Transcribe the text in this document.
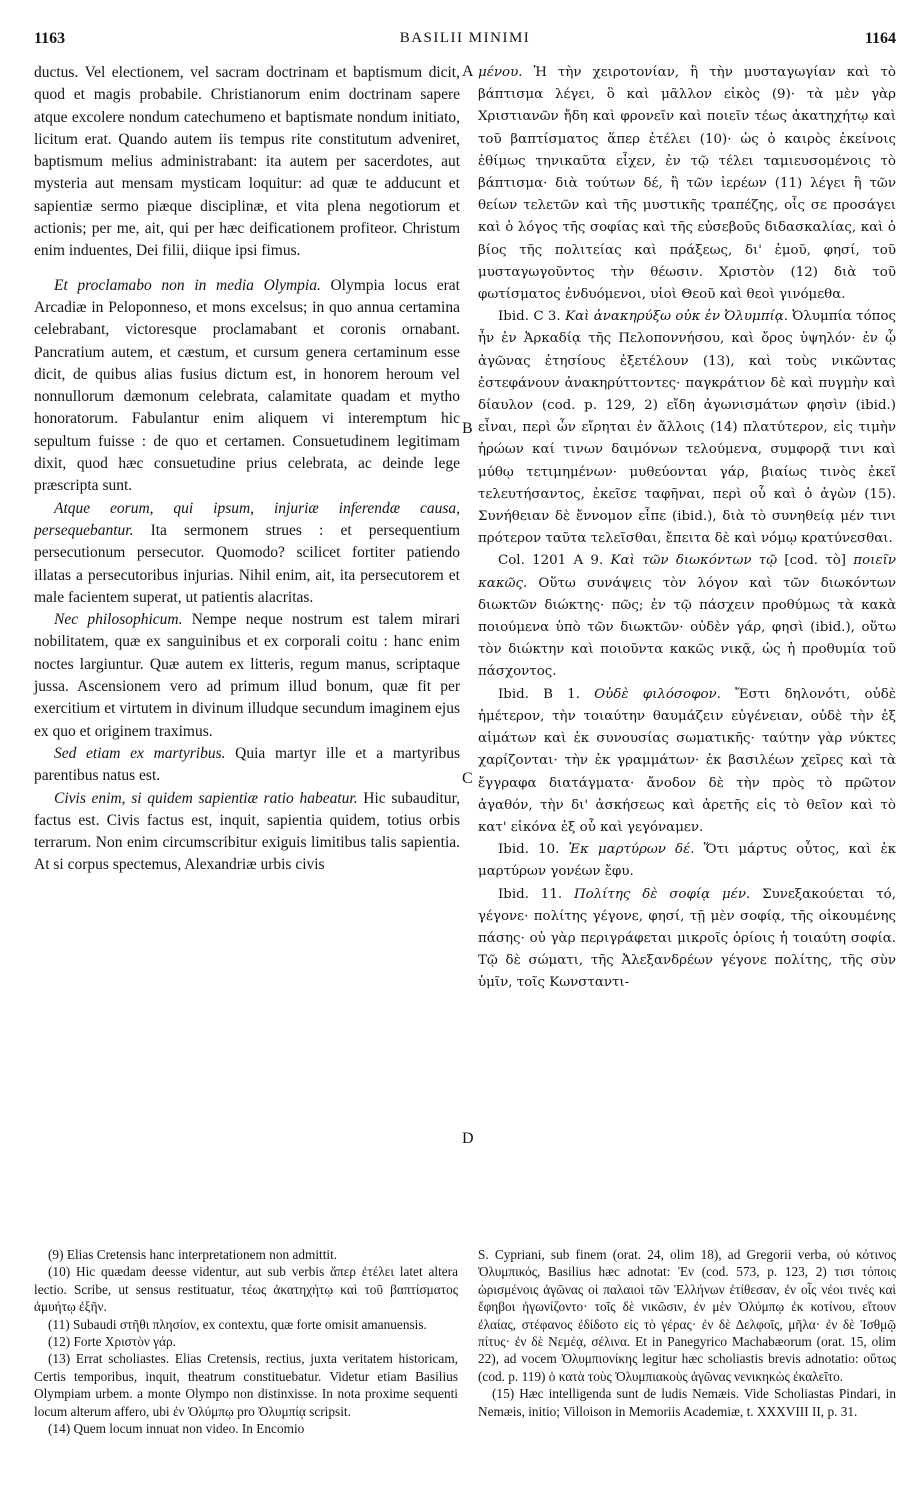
1163	BASILII MINIMI	1164
A
B
C
D

ductus. Vel electionem, vel sacram doctrinam et baptismum dicit, quod et magis probabile. Christianorum enim doctrinam sapere atque excolere nondum catechumeno et baptismate nondum initiato, licitum erat. Quando autem iis tempus rite constitutum adveniret, baptismum melius administrabant: ita autem per sacerdotes, aut mysteria aut mensam mysticam loquitur: ad quæ te adducunt et sapientiæ sermo piæque disciplinæ, et vita plena negotiorum et actionis; per me, ait, qui per hæc deificationem profiteor. Christum enim induentes, Dei filii, diique ipsi fimus.

Et proclamabo non in media Olympia. Olympia locus erat Arcadiæ in Peloponneso, et mons excelsus; in quo annua certamina celebrabant, victoresque proclamabant et coronis ornabant. Pancratium autem, et cæstum, et cursum genera certaminum esse dicit, de quibus alias fusius dictum est, in honorem heroum vel nonnullorum dæmonum celebrata, calamitate quadam et mytho honoratorum. Fabulantur enim aliquem vi interemptum hic sepultum fuisse : de quo et certamen. Consuetudinem legitimam dixit, quod hæc consuetudine prius celebrata, ac deinde lege præscripta sunt.

Atque eorum, qui ipsum, injuriæ inferendæ causa, persequebantur. Ita sermonem strues : et persequentium persecutionum persecutor. Quomodo? scilicet fortiter patiendo illatas a persecutoribus injurias. Nihil enim, ait, ita persecutorem et male facientem superat, ut patientis alacritas.

Nec philosophicum. Nempe neque nostrum est talem mirari nobilitatem, quæ ex sanguinibus et ex corporali coitu : hanc enim noctes largiuntur. Quæ autem ex litteris, regum manus, scriptaque jussa. Ascensionem vero ad primum illud bonum, quæ fit per exercitium et virtutem in divinum illudque secundum imaginem ejus ex quo et originem traximus.

Sed etiam ex martyribus. Quia martyr ille et a martyribus parentibus natus est.

Civis enim, si quidem sapientiæ ratio habeatur. Hic subauditur, factus est. Civis factus est, inquit, sapientia quidem, totius orbis terrarum. Non enim circumscribitur exiguis limitibus talis sapientia. At si corpus spectemus, Alexandriæ urbis civis

μένου. Ἡ τὴν χειροτονίαν, ἢ τὴν μυσταγωγίαν καὶ τὸ βάπτισμα λέγει, ὃ καὶ μᾶλλον εἰκὸς (9)· τὰ μὲν γὰρ Χριστιανῶν ἤδη καὶ φρονεῖν καὶ ποιεῖν τέως ἀκατηχήτῳ καὶ τοῦ βαπτίσματος ἅπερ ἐτέλει (10)· ὡς ὁ καιρὸς ἐκείνοις ἐθίμως τηνικαῦτα εἶχεν, ἐν τῷ τέλει ταμιευσομένοις τὸ βάπτισμα· διὰ τούτων δέ, ἢ τῶν ἱερέων (11) λέγει ἢ τῶν θείων τελετῶν καὶ τῆς μυστικῆς τραπέζης, οἷς σε προσάγει καὶ ὁ λόγος τῆς σοφίας καὶ τῆς εὐσεβοῦς διδασκαλίας, καὶ ὁ βίος τῆς πολιτείας καὶ πράξεως, δι' ἐμοῦ, φησί, τοῦ μυσταγωγοῦντος τὴν θέωσιν. Χριστὸν (12) διὰ τοῦ φωτίσματος ἐνδυόμενοι, υἱοὶ Θεοῦ καὶ θεοὶ γινόμεθα.

Ibid. C 3. Καὶ ἀνακηρύξω οὐκ ἐν Ὀλυμπίᾳ. Ὀλυμπία τόπος ἦν ἐν Ἀρκαδίᾳ τῆς Πελοποννήσου, καὶ ὄρος ὑψηλόν· ἐν ᾧ ἀγῶνας ἐτησίους ἐξετέλουν (13), καὶ τοὺς νικῶντας ἐστεφάνουν ἀνακηρύττοντες· παγκράτιον δὲ καὶ πυγμὴν καὶ δίαυλον (cod. p. 129, 2) εἴδη ἀγωνισμάτων φησὶν (ibid.) εἶναι, περὶ ὧν εἴρηται ἐν ἄλλοις (14) πλατύτερον, εἰς τιμὴν ἡρώων καί τινων δαιμόνων τελούμενα, συμφορᾷ τινι καὶ μύθῳ τετιμημένων· μυθεύονται γάρ, βιαίως τινὸς ἐκεῖ τελευτήσαντος, ἐκεῖσε ταφῆναι, περὶ οὗ καὶ ὁ ἀγὼν (15). Συνήθειαν δὲ ἔννομον εἶπε (ibid.), διὰ τὸ συνηθείᾳ μέν τινι πρότερον ταῦτα τελεῖσθαι, ἔπειτα δὲ καὶ νόμῳ κρατύνεσθαι.

Col. 1201 A 9. Καὶ τῶν διωκόντων τῷ [cod. τὸ] ποιεῖν κακῶς. Οὕτω συνάψεις τὸν λόγον καὶ τῶν διωκόντων διωκτῶν διώκτης· πῶς; ἐν τῷ πάσχειν προθύμως τὰ κακὰ ποιούμενα ὑπὸ τῶν διωκτῶν· οὐδὲν γάρ, φησὶ (ibid.), οὕτω τὸν διώκτην καὶ ποιοῦντα κακῶς νικᾷ, ὡς ἡ προθυμία τοῦ πάσχοντος.

Ibid. B 1. Οὐδὲ φιλόσοφον. Ἔστι δηλονότι, οὐδὲ ἡμέτερον, τὴν τοιαύτην θαυμάζειν εὐγένειαν, οὐδὲ τὴν ἐξ αἱμάτων καὶ ἐκ συνουσίας σωματικῆς· ταύτην γὰρ νύκτες χαρίζονται· τὴν ἐκ γραμμάτων· ἐκ βασιλέων χεῖρες καὶ τὰ ἔγγραφα διατάγματα· ἄνοδον δὲ τὴν πρὸς τὸ πρῶτον ἀγαθόν, τὴν δι' ἀσκήσεως καὶ ἀρετῆς εἰς τὸ θεῖον καὶ τὸ κατ' εἰκόνα ἐξ οὗ καὶ γεγόναμεν.

Ibid. 10. Ἐκ μαρτύρων δέ. Ὅτι μάρτυς οὗτος, καὶ ἐκ μαρτύρων γονέων ἔφυ.

Ibid. 11. Πολίτης δὲ σοφίᾳ μέν. Συνεξακούεται τό, γέγονε· πολίτης γέγονε, φησί, τῇ μὲν σοφίᾳ, τῆς οἰκουμένης πάσης· οὐ γὰρ περιγράφεται μικροῖς ὁρίοις ἡ τοιαύτη σοφία. Τῷ δὲ σώματι, τῆς Ἀλεξανδρέων γέγονε πολίτης, τῆς σὺν ὑμῖν, τοῖς Κωνσταντι-

(9) Elias Cretensis hanc interpretationem non admittit.

(10) Hic quædam deesse videntur, aut sub verbis ἅπερ ἐτέλει latet altera lectio. Scribe, ut sensus restituatur, τέως ἀκατηχήτῳ καὶ τοῦ βαπτίσματος ἀμυήτῳ ἐξῆν.

(11) Subaudi στῆθι πλησίον, ex contextu, quæ forte omisit amanuensis.

(12) Forte Χριστὸν γάρ.

(13) Errat scholiastes. Elias Cretensis, rectius, juxta veritatem historicam, Certis temporibus, inquit, theatrum constituebatur. Videtur etiam Basilius Olympiam urbem. a monte Olympo non distinxisse. In nota proxime sequenti locum alterum affero, ubi ἐν Ὀλύμπῳ pro Ὀλυμπίᾳ scripsit.

(14) Quem locum innuat non video. In Encomio

S. Cypriani, sub finem (orat. 24, olim 18), ad Gregorii verba, οὐ κότινος Ὀλυμπικός, Basilius hæc adnotat: Ἐν (cod. 573, p. 123, 2) τισι τόποις ὡρισμένοις ἀγῶνας οἱ παλαιοὶ τῶν Ἑλλήνων ἐτίθεσαν, ἐν οἷς νέοι τινὲς καὶ ἔφηβοι ἠγωνίζοντο· τοῖς δὲ νικῶσιν, ἐν μὲν Ὀλύμπῳ ἐκ κοτίνου, εἴτουν ἐλαίας, στέφανος ἐδίδοτο εἰς τὸ γέρας· ἐν δὲ Δελφοῖς, μῆλα· ἐν δὲ Ἰσθμῷ πίτυς· ἐν δὲ Νεμέᾳ, σέλινα. Et in Panegyrico Machabæorum (orat. 15, olim 22), ad vocem Ὀλυμπιονίκης legitur hæc scholiastis brevis adnotatio: οὕτως (cod. p. 119) ὁ κατὰ τοὺς Ὀλυμπιακοὺς ἀγῶνας νενικηκὼς ἐκαλεῖτο.

(15) Hæc intelligenda sunt de ludis Nemæis. Vide Scholiastas Pindari, in Nemæis, initio; Villoison in Memoriis Academiæ, t. XXXVIII II, p. 31.
